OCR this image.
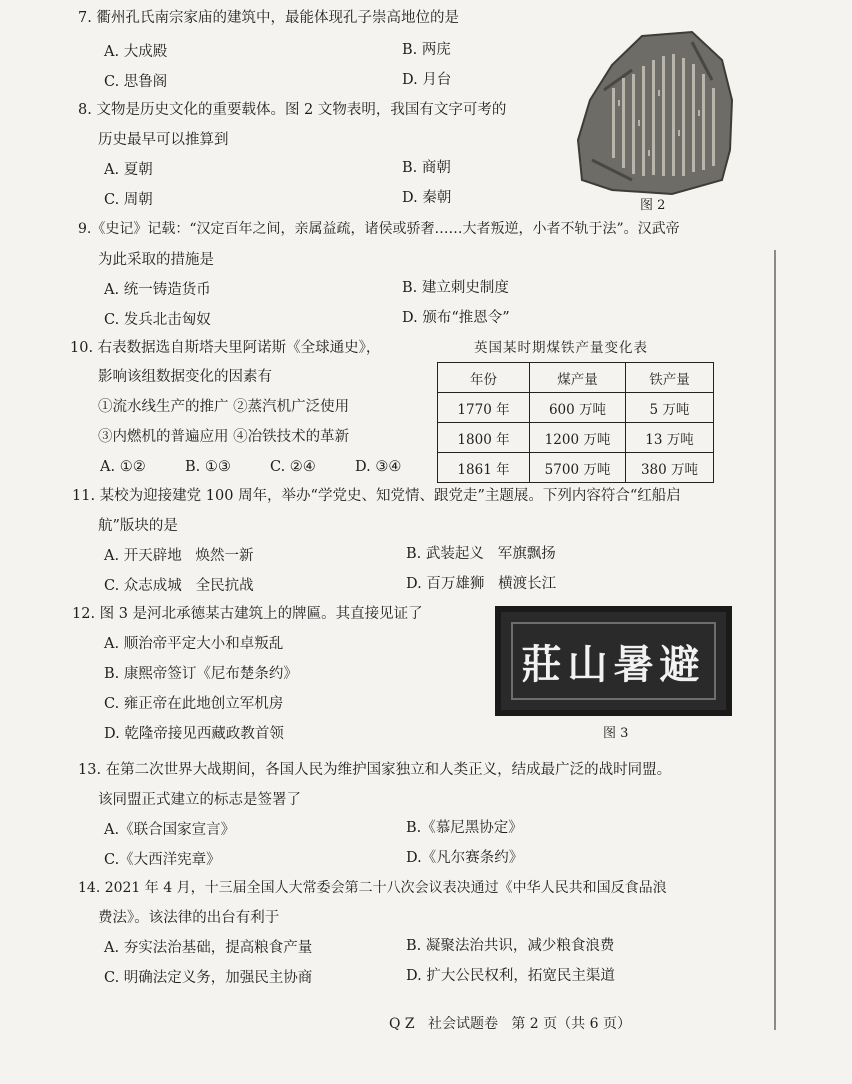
7. 衢州孔氏南宗家庙的建筑中，最能体现孔子崇高地位的是
A. 大成殿	B. 两庑
C. 思鲁阁	D. 月台
8. 文物是历史文化的重要载体。图 2 文物表明，我国有文字可考的
历史最早可以推算到
A. 夏朝	B. 商朝
C. 周朝	D. 秦朝	图 2
9.《史记》记载：“汉定百年之间，亲属益疏，诸侯或骄奢……大者叛逆，小者不轨于法”。汉武帝
为此采取的措施是
A. 统一铸造货币	B. 建立刺史制度
C. 发兵北击匈奴	D. 颁布“推恩令”
10. 右表数据选自斯塔夫里阿诺斯《全球通史》，
影响该组数据变化的因素有
①流水线生产的推广 ②蒸汽机广泛使用
③内燃机的普遍应用 ④冶铁技术的革新
A. ①②	B. ①③	C. ②④	D. ③④
英国某时期煤铁产量变化表
年份	煤产量	铁产量
1770 年	600 万吨	5 万吨
1800 年	1200 万吨	13 万吨
1861 年	5700 万吨	380 万吨
11. 某校为迎接建党 100 周年，举办“学党史、知党情、跟党走”主题展。下列内容符合“红船启
航”版块的是
A. 开天辟地   焕然一新	B. 武装起义   军旗飘扬
C. 众志成城   全民抗战	D. 百万雄狮   横渡长江
12. 图 3 是河北承德某古建筑上的牌匾。其直接见证了
A. 顺治帝平定大小和卓叛乱
B. 康熙帝签订《尼布楚条约》
C. 雍正帝在此地创立军机房
D. 乾隆帝接见西藏政教首领
莊山暑避
图 3
13. 在第二次世界大战期间，各国人民为维护国家独立和人类正义，结成最广泛的战时同盟。
该同盟正式建立的标志是签署了
A.《联合国家宣言》	B.《慕尼黑协定》
C.《大西洋宪章》	D.《凡尔赛条约》
14. 2021 年 4 月，十三届全国人大常委会第二十八次会议表决通过《中华人民共和国反食品浪
费法》。该法律的出台有利于
A. 夯实法治基础，提高粮食产量	B. 凝聚法治共识，减少粮食浪费
C. 明确法定义务，加强民主协商	D. 扩大公民权利，拓宽民主渠道
Q Z   社会试题卷   第 2 页（共 6 页）
